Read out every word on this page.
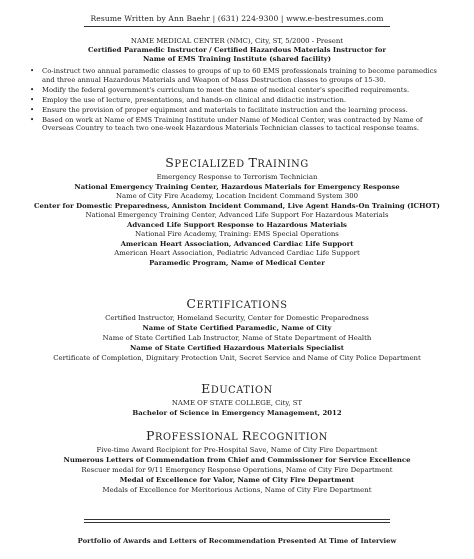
Resume Written by Ann Baehr | (631) 224-9300 | www.e-bestresumes.com
NAME MEDICAL CENTER (NMC), City, ST, 5/2000 - Present
Certified Paramedic Instructor / Certified Hazardous Materials Instructor for
Name of EMS Training Institute (shared facility)
• Co-instruct two annual paramedic classes to groups of up to 60 EMS professionals training to become paramedics and three annual Hazardous Materials and Weapon of Mass Destruction classes to groups of 15-30.
• Modify the federal government's curriculum to meet the name of medical center's specified requirements.
• Employ the use of lecture, presentations, and hands-on clinical and didactic instruction.
• Ensure the provision of proper equipment and materials to facilitate instruction and the learning process.
• Based on work at Name of EMS Training Institute under Name of Medical Center, was contracted by Name of Overseas Country to teach two one-week Hazardous Materials Technician classes to tactical response teams.
SPECIALIZED TRAINING
Emergency Response to Terrorism Technician
National Emergency Training Center, Hazardous Materials for Emergency Response
Name of City Fire Academy, Location Incident Command System 300
Center for Domestic Preparedness, Anniston Incident Command, Live Agent Hands-On Training (ICHOT)
National Emergency Training Center, Advanced Life Support For Hazardous Materials
Advanced Life Support Response to Hazardous Materials
National Fire Academy, Training: EMS Special Operations
American Heart Association, Advanced Cardiac Life Support
American Heart Association, Pediatric Advanced Cardiac Life Support
Paramedic Program, Name of Medical Center
CERTIFICATIONS
Certified Instructor, Homeland Security, Center for Domestic Preparedness
Name of State Certified Paramedic, Name of City
Name of State Certified Lab Instructor, Name of State Department of Health
Name of State Certified Hazardous Materials Specialist
Certificate of Completion, Dignitary Protection Unit, Secret Service and Name of City Police Department
EDUCATION
NAME OF STATE COLLEGE, City, ST
Bachelor of Science in Emergency Management, 2012
PROFESSIONAL RECOGNITION
Five-time Award Recipient for Pre-Hospital Save, Name of City Fire Department
Numerous Letters of Commendation from Chief and Commissioner for Service Excellence
Rescuer medal for 9/11 Emergency Response Operations, Name of City Fire Department
Medal of Excellence for Valor, Name of City Fire Department
Medals of Excellence for Meritorious Actions, Name of City Fire Department
Portfolio of Awards and Letters of Recommendation Presented At Time of Interview
